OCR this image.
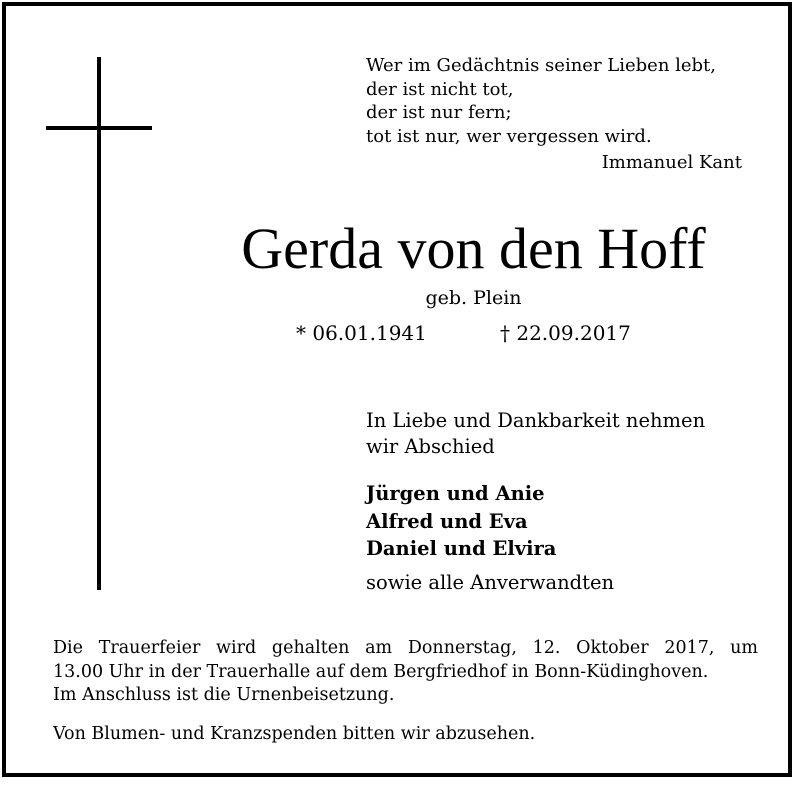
Wer im Gedächtnis seiner Lieben lebt,
der ist nicht tot,
der ist nur fern;
tot ist nur, wer vergessen wird.
Immanuel Kant
Gerda von den Hoff
geb. Plein
* 06.01.1941	† 22.09.2017
In Liebe und Dankbarkeit nehmen
wir Abschied
Jürgen und Anie
Alfred und Eva
Daniel und Elvira
sowie alle Anverwandten
Die Trauerfeier wird gehalten am Donnerstag, 12. Oktober 2017, um
13.00 Uhr in der Trauerhalle auf dem Bergfriedhof in Bonn-Küdinghoven.
Im Anschluss ist die Urnenbeisetzung.
Von Blumen- und Kranzspenden bitten wir abzusehen.
